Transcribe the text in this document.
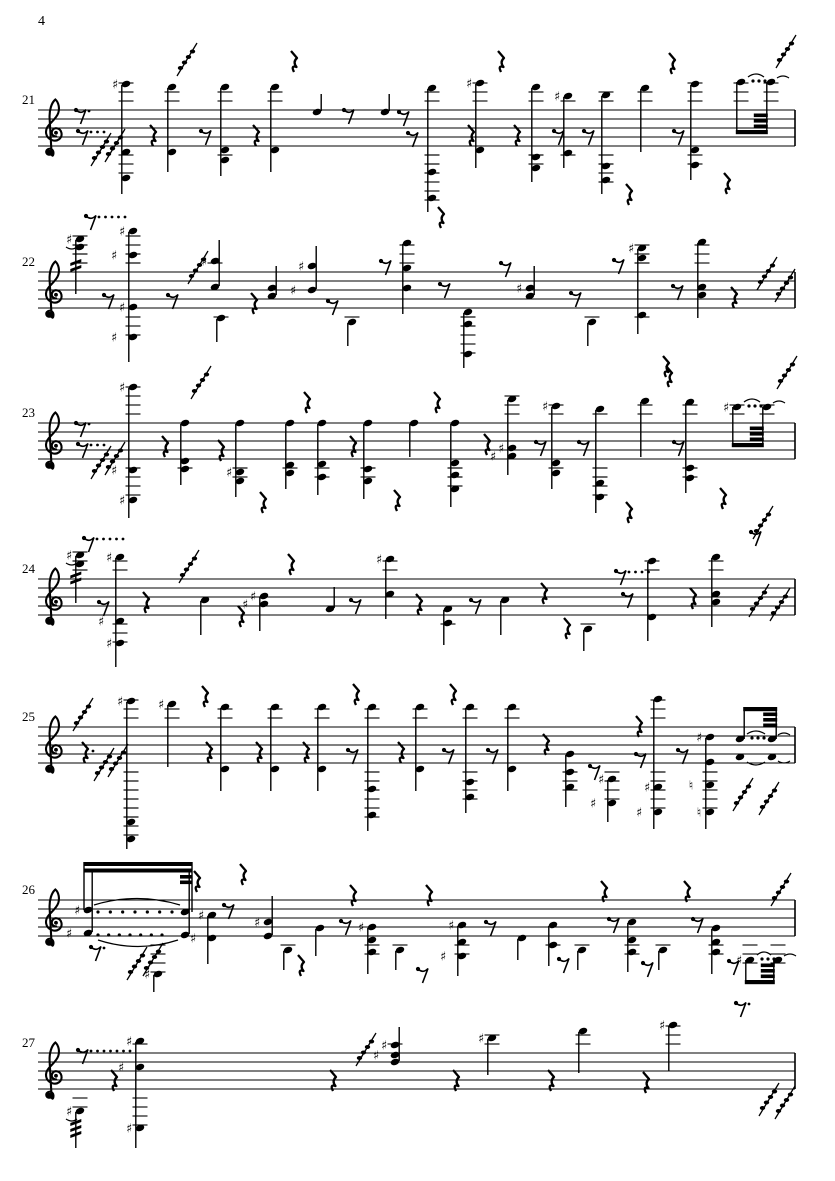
4
21
♯	♯
♯
22
♯
♯
♯
♯
♯
♯	♯
♯	♯
♯
23
♯
♯
♯
♯
♯
♯
♯	♯
24
♯	♯
♯
♯
♯
♯
♯
25
♯	♯
♯
♯
♯
♯
♯
♮
♮
26
♯
♯
♯
♯
♯
♯	♯	♯
♯	♯
27
♯
♯
♯
♯
♯
♯
♯
♯
